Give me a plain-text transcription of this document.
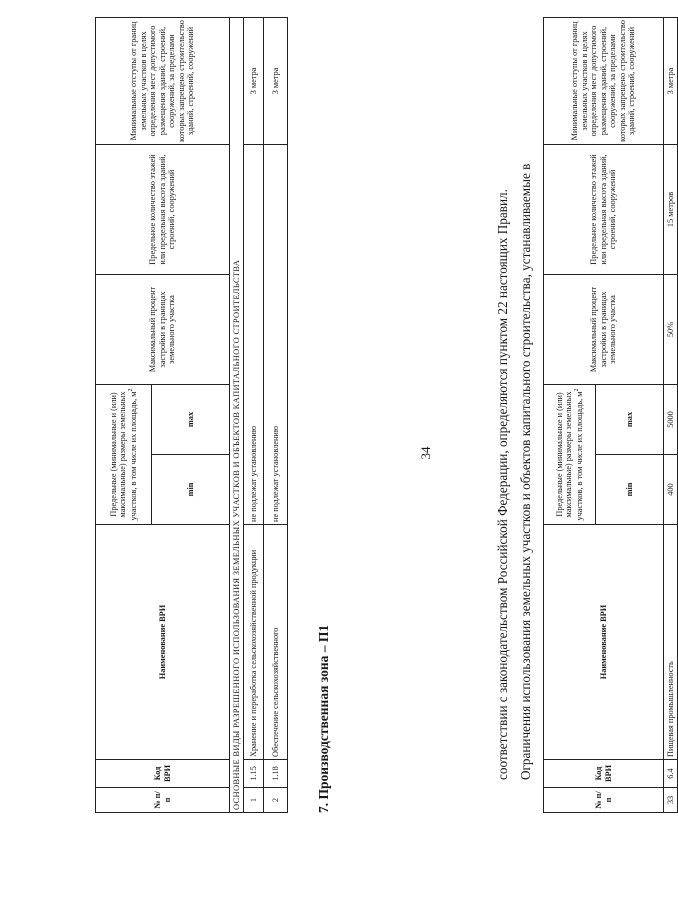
№ п/п	Код ВРИ	Наименование ВРИ	Предельные (минимальные и (или) максимальные) размеры земельных участков, в том числе их площадь, $м^2$		Максимальный процент застройки в границах земельного участка	Предельное количество этажей или предельная высота зданий, строений, сооружений	Минимальные отступы от границ земельных участков в целях определения мест допустимого размещения зданий, строений, сооружений, за пределами которых запрещено строительство зданий, строений, сооружений
			min	max			
33	6.4	Пищевая промышленность	400	5000	50%	15 метров	3 метра
34	Ограничения использования земельных участков и объектов капитального строительства, устанавливаемые в
соответствии с законодательством Российской Федерации, определяются пунктом 22 настоящих Правил.
7. Производственная зона – П1
№ п/п	Код ВРИ	Наименование ВРИ	Предельные (минимальные и (или) максимальные) размеры земельных участков, в том числе их площадь, $м^2$		Максимальный процент застройки в границах земельного участка	Предельное количество этажей или предельная высота зданий, строений, сооружений	Минимальные отступы от границ земельных участков в целях определения мест допустимого размещения зданий, строений, сооружений, за пределами которых запрещено строительство зданий, строений, сооружений
			min	max			
ОСНОВНЫЕ ВИДЫ РАЗРЕШЕННОГО ИСПОЛЬЗОВАНИЯ ЗЕМЕЛЬНЫХ УЧАСТКОВ И ОБЪЕКТОВ КАПИТАЛЬНОГО СТРОИТЕЛЬСТВА							
1	1.15	Хранение и переработка сельскохозяйственной продукции	не подлежат установлению				3 метра
2	1.18	Обеспечение сельскохозяйственного	не подлежат установлению				3 метра
